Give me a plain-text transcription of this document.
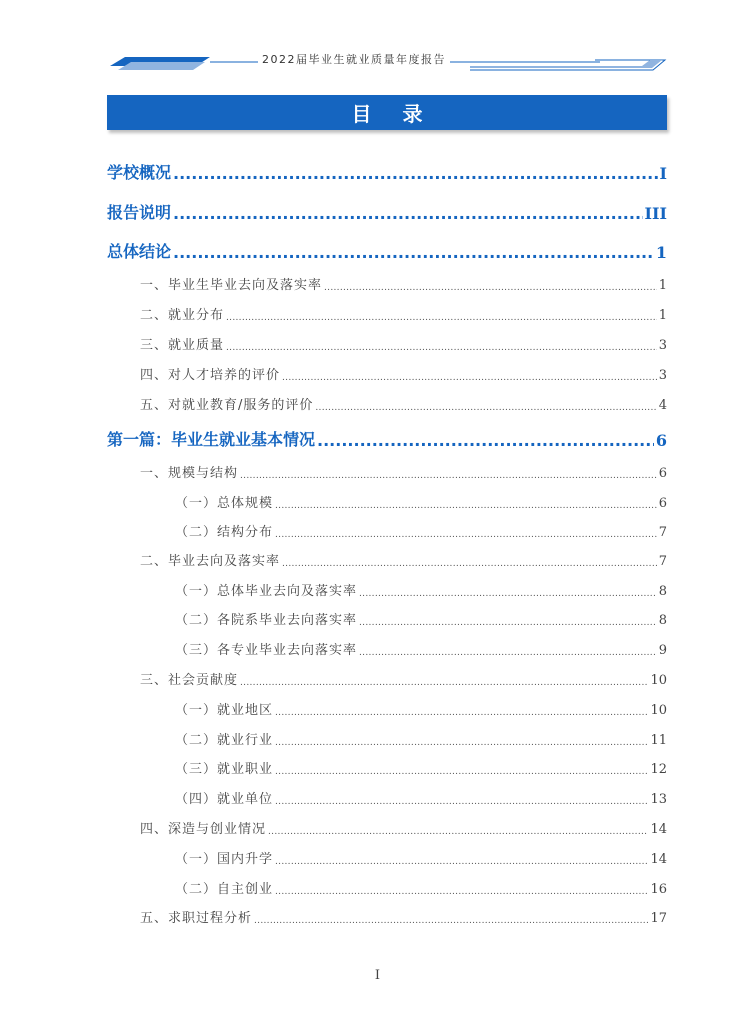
2022届毕业生就业质量年度报告
目 录
学校概况 .....	I
报告说明 .....	III
总体结论 .....	1
一、毕业生毕业去向及落实率 .....	1
二、就业分布 .....	1
三、就业质量 .....	3
四、对人才培养的评价 .....	3
五、对就业教育/服务的评价 .....	4
第一篇：毕业生就业基本情况 .....	6
一、规模与结构 .....	6
（一）总体规模 .....	6
（二）结构分布 .....	7
二、毕业去向及落实率 .....	7
（一）总体毕业去向及落实率 .....	8
（二）各院系毕业去向落实率 .....	8
（三）各专业毕业去向落实率 .....	9
三、社会贡献度 .....	10
（一）就业地区 .....	10
（二）就业行业 .....	11
（三）就业职业 .....	12
（四）就业单位 .....	13
四、深造与创业情况 .....	14
（一）国内升学 .....	14
（二）自主创业 .....	16
五、求职过程分析 .....	17
I
